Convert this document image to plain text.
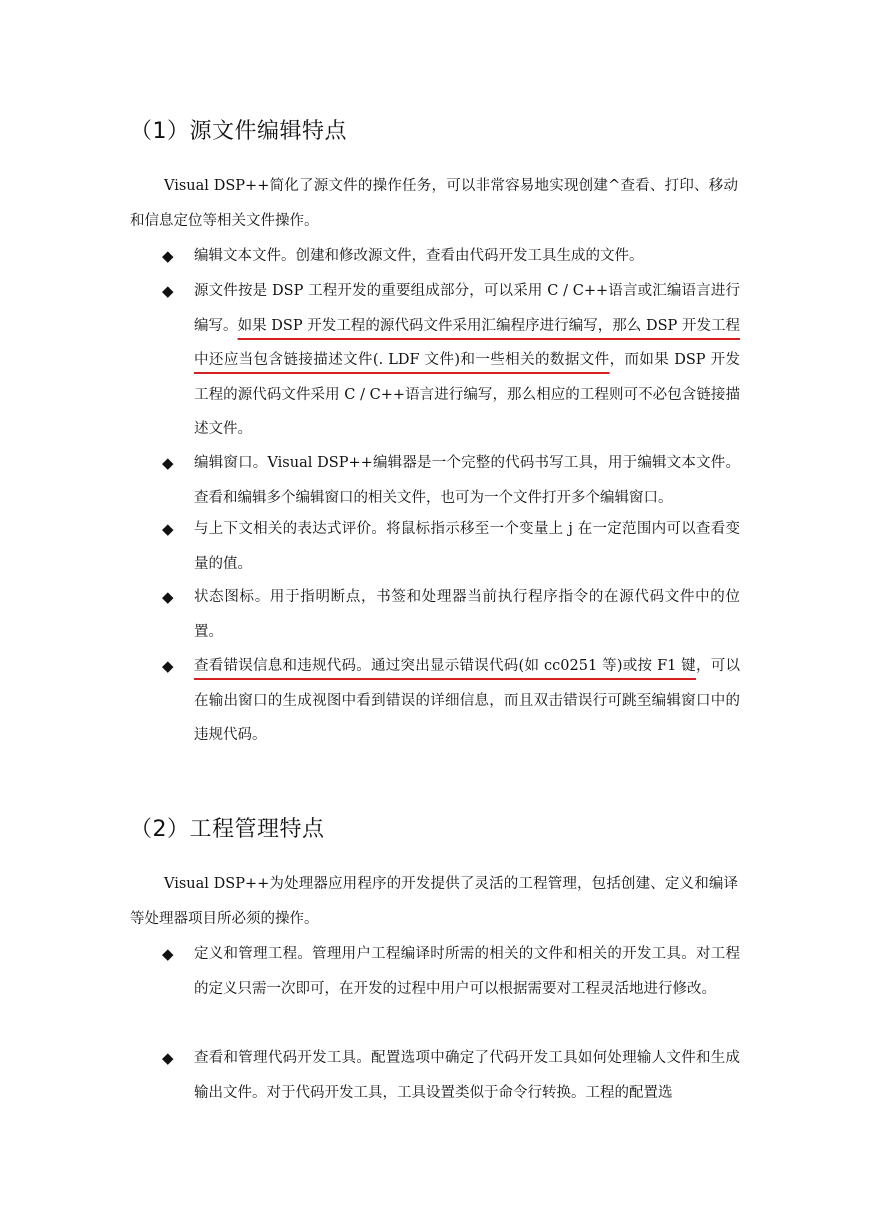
（1）源文件编辑特点

Visual DSP++简化了源文件的操作任务，可以非常容易地实现创建^查看、打印、移动和信息定位等相关文件操作。

◆ 编辑文本文件。创建和修改源文件，查看由代码开发工具生成的文件。

◆ 源文件按是 DSP 工程开发的重要组成部分，可以采用 C / C++语言或汇编语言进行编写。如果 DSP 开发工程的源代码文件采用汇编程序进行编写，那么 DSP 开发工程中还应当包含链接描述文件(. LDF 文件)和一些相关的数据文件，而如果 DSP 开发工程的源代码文件采用 C / C++语言进行编写，那么相应的工程则可不必包含链接描述文件。

◆ 编辑窗口。Visual DSP++编辑器是一个完整的代码书写工具，用于编辑文本文件。查看和编辑多个编辑窗口的相关文件，也可为一个文件打开多个编辑窗口。

◆ 与上下文相关的表达式评价。将鼠标指示移至一个变量上 j 在一定范围内可以查看变量的值。

◆ 状态图标。用于指明断点，书签和处理器当前执行程序指令的在源代码文件中的位置。

◆ 查看错误信息和违规代码。通过突出显示错误代码(如 cc0251 等)或按 F1 键，可以在输出窗口的生成视图中看到错误的详细信息，而且双击错误行可跳至编辑窗口中的违规代码。

（2）工程管理特点

Visual DSP++为处理器应用程序的开发提供了灵活的工程管理，包括创建、定义和编译等处理器项目所必须的操作。

◆ 定义和管理工程。管理用户工程编译时所需的相关的文件和相关的开发工具。对工程的定义只需一次即可，在开发的过程中用户可以根据需要对工程灵活地进行修改。

◆ 查看和管理代码开发工具。配置选项中确定了代码开发工具如何处理输人文件和生成输出文件。对于代码开发工具，工具设置类似于命令行转换。工程的配置选
